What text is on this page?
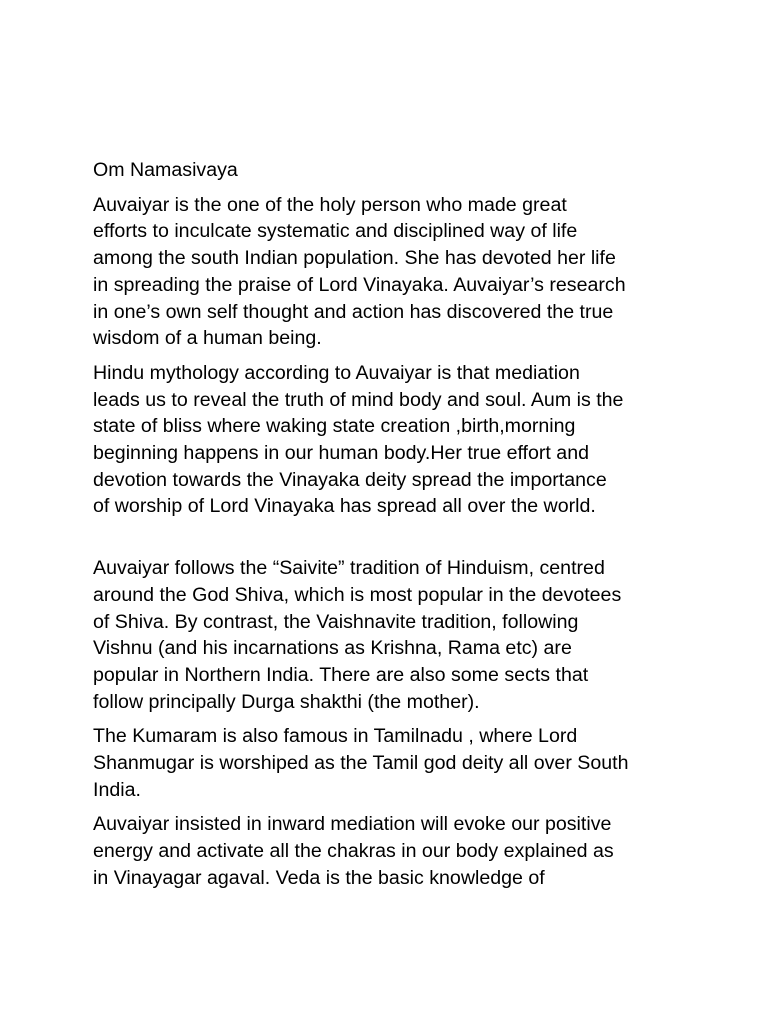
Om Namasivaya

Auvaiyar is the one of the holy person who made great
efforts to inculcate systematic and disciplined way of life
among the south Indian population. She has devoted her life
in spreading the praise of Lord Vinayaka. Auvaiyar’s research
in one’s own self thought and action has discovered the true
wisdom of a human being.

Hindu mythology according to Auvaiyar is that mediation
leads us to reveal the truth of mind body and soul. Aum is the
state of bliss where waking state creation ,birth,morning
beginning happens in our human body.Her true effort and
devotion towards the Vinayaka deity spread the importance
of worship of Lord Vinayaka has spread all over the world.

Auvaiyar follows the “Saivite” tradition of Hinduism, centred
around the God Shiva, which is most popular in the devotees
of Shiva. By contrast, the Vaishnavite tradition, following
Vishnu (and his incarnations as Krishna, Rama etc) are
popular in Northern India. There are also some sects that
follow principally Durga shakthi (the mother).

The Kumaram is also famous in Tamilnadu , where Lord
Shanmugar is worshiped as the Tamil god deity all over South
India.

Auvaiyar insisted in inward mediation will evoke our positive
energy and activate all the chakras in our body explained as
in Vinayagar agaval. Veda is the basic knowledge of
